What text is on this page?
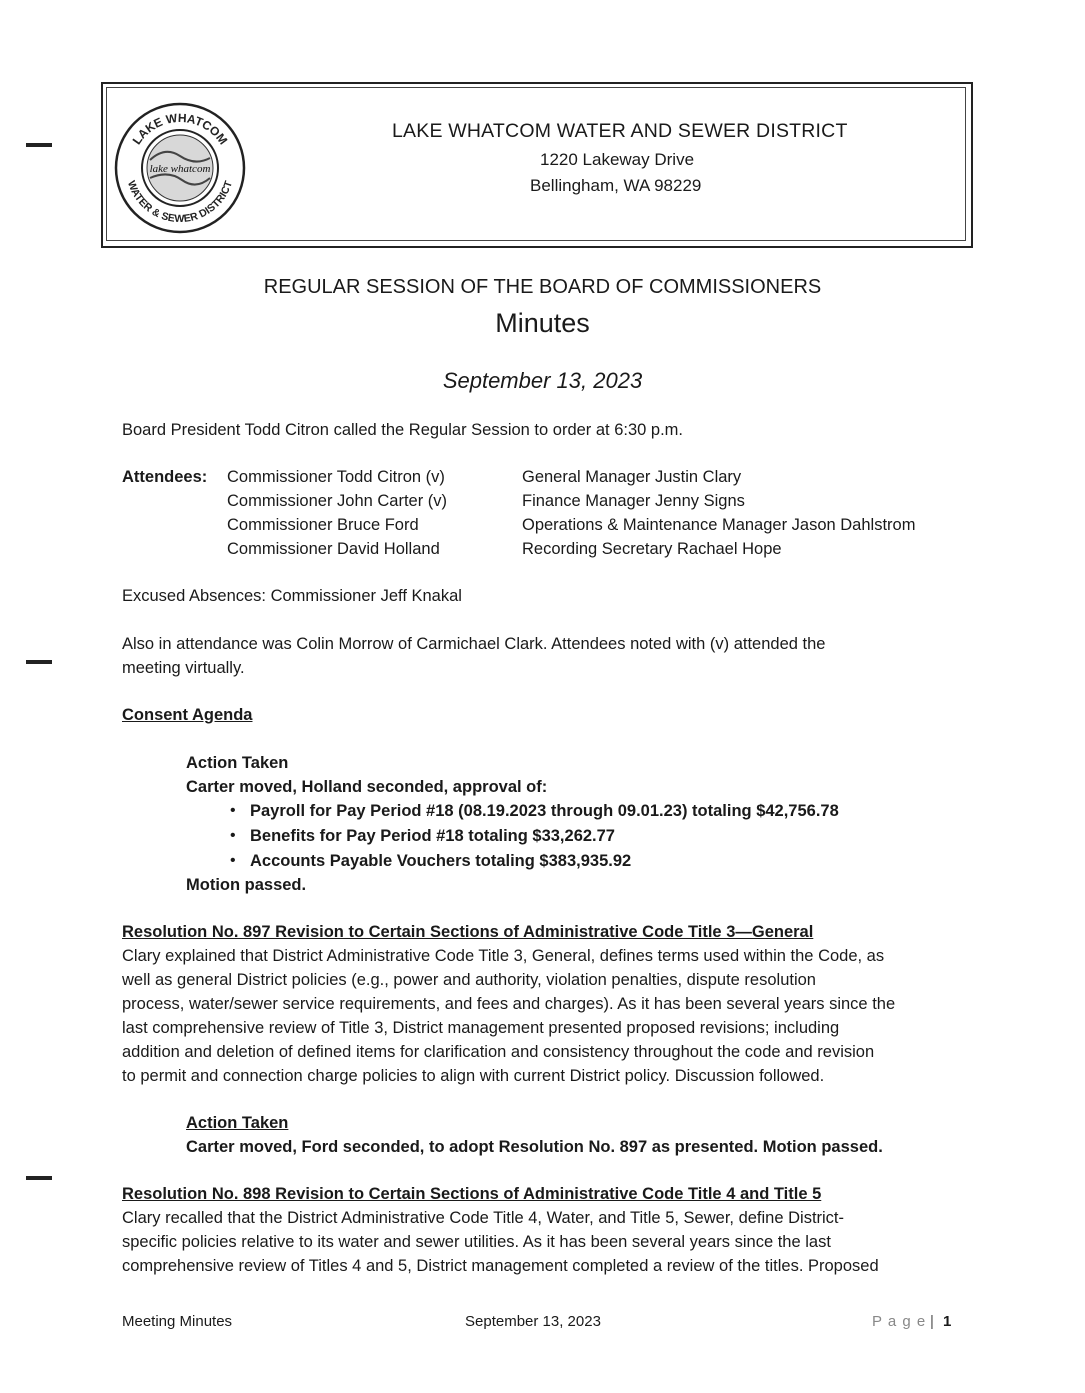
LAKE WHATCOM
WATER & SEWER DISTRICT
lake whatcom
LAKE WHATCOM WATER AND SEWER DISTRICT
1220 Lakeway Drive
Bellingham, WA 98229
REGULAR SESSION OF THE BOARD OF COMMISSIONERS
Minutes
September 13, 2023
Board President Todd Citron called the Regular Session to order at 6:30 p.m.
Attendees: Commissioner Todd Citron (v)
Commissioner John Carter (v)
Commissioner Bruce Ford
Commissioner David Holland
General Manager Justin Clary
Finance Manager Jenny Signs
Operations & Maintenance Manager Jason Dahlstrom
Recording Secretary Rachael Hope
Excused Absences: Commissioner Jeff Knakal
Also in attendance was Colin Morrow of Carmichael Clark. Attendees noted with (v) attended the
meeting virtually.
Consent Agenda
Action Taken
Carter moved, Holland seconded, approval of:
• Payroll for Pay Period #18 (08.19.2023 through 09.01.23) totaling $42,756.78
• Benefits for Pay Period #18 totaling $33,262.77
• Accounts Payable Vouchers totaling $383,935.92
Motion passed.
Resolution No. 897 Revision to Certain Sections of Administrative Code Title 3—General
Clary explained that District Administrative Code Title 3, General, defines terms used within the Code, as
well as general District policies (e.g., power and authority, violation penalties, dispute resolution
process, water/sewer service requirements, and fees and charges). As it has been several years since the
last comprehensive review of Title 3, District management presented proposed revisions; including
addition and deletion of defined items for clarification and consistency throughout the code and revision
to permit and connection charge policies to align with current District policy. Discussion followed.
Action Taken
Carter moved, Ford seconded, to adopt Resolution No. 897 as presented. Motion passed.
Resolution No. 898 Revision to Certain Sections of Administrative Code Title 4 and Title 5
Clary recalled that the District Administrative Code Title 4, Water, and Title 5, Sewer, define District-
specific policies relative to its water and sewer utilities. As it has been several years since the last
comprehensive review of Titles 4 and 5, District management completed a review of the titles. Proposed
Meeting Minutes	September 13, 2023	P a g e | 1
